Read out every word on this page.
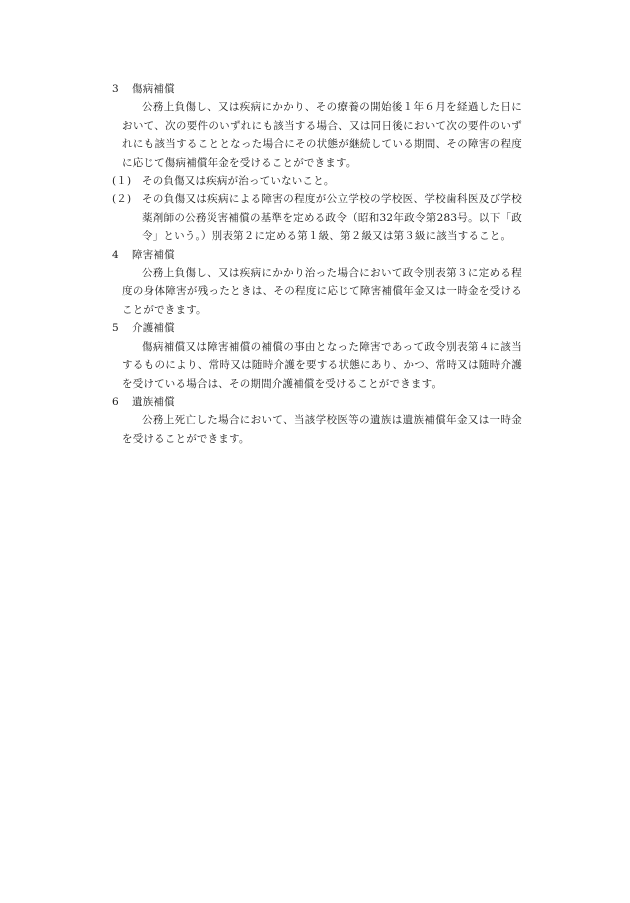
3	傷病補償

公務上負傷し、又は疾病にかかり、その療養の開始後１年６月を経過した日において、次の要件のいずれにも該当する場合、又は同日後において次の要件のいずれにも該当することとなった場合にその状態が継続している期間、その障害の程度に応じて傷病補償年金を受けることができます。

(１)	その負傷又は疾病が治っていないこと。
(２)	その負傷又は疾病による障害の程度が公立学校の学校医、学校歯科医及び学校薬剤師の公務災害補償の基準を定める政令（昭和32年政令第283号。以下「政令」という。）別表第２に定める第１級、第２級又は第３級に該当すること。
4	障害補償

公務上負傷し、又は疾病にかかり治った場合において政令別表第３に定める程度の身体障害が残ったときは、その程度に応じて障害補償年金又は一時金を受けることができます。

5	介護補償

傷病補償又は障害補償の補償の事由となった障害であって政令別表第４に該当するものにより、常時又は随時介護を要する状態にあり、かつ、常時又は随時介護を受けている場合は、その期間介護補償を受けることができます。

6	遺族補償

公務上死亡した場合において、当該学校医等の遺族は遺族補償年金又は一時金を受けることができます。
